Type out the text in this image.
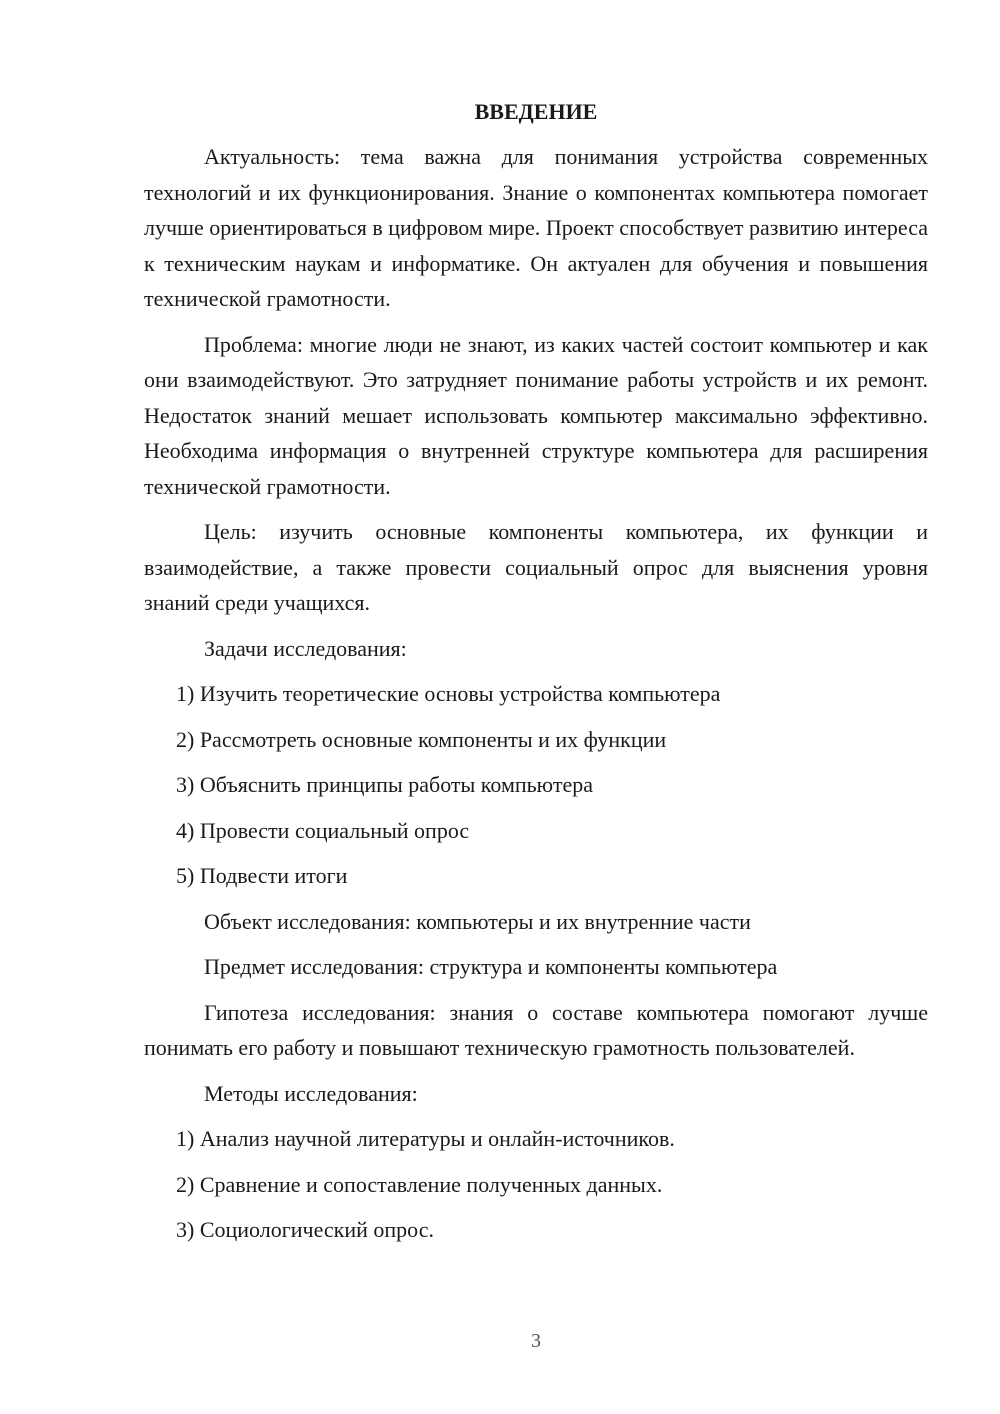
ВВЕДЕНИЕ

Актуальность: тема важна для понимания устройства современных технологий и их функционирования. Знание о компонентах компьютера помогает лучше ориентироваться в цифровом мире. Проект способствует развитию интереса к техническим наукам и информатике. Он актуален для обучения и повышения технической грамотности.

Проблема: многие люди не знают, из каких частей состоит компьютер и как они взаимодействуют. Это затрудняет понимание работы устройств и их ремонт. Недостаток знаний мешает использовать компьютер максимально эффективно. Необходима информация о внутренней структуре компьютера для расширения технической грамотности.

Цель: изучить основные компоненты компьютера, их функции и взаимодействие, а также провести социальный опрос для выяснения уровня знаний среди учащихся.

Задачи исследования:

1) Изучить теоретические основы устройства компьютера

2) Рассмотреть основные компоненты и их функции

3) Объяснить принципы работы компьютера

4) Провести социальный опрос

5) Подвести итоги

Объект исследования: компьютеры и их внутренние части

Предмет исследования: структура и компоненты компьютера

Гипотеза исследования: знания о составе компьютера помогают лучше понимать его работу и повышают техническую грамотность пользователей.

Методы исследования:

1) Анализ научной литературы и онлайн-источников.

2) Сравнение и сопоставление полученных данных.

3) Социологический опрос.

3
